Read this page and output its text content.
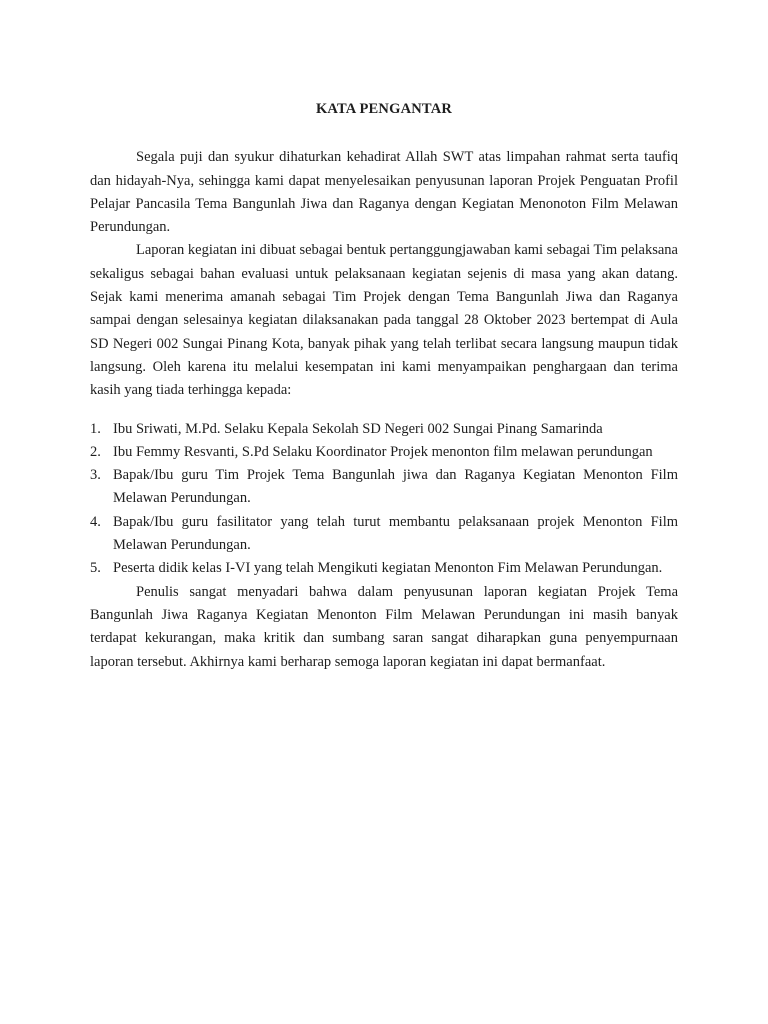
KATA PENGANTAR

Segala puji dan syukur dihaturkan kehadirat Allah SWT atas limpahan rahmat serta taufiq dan hidayah-Nya, sehingga kami dapat menyelesaikan penyusunan laporan Projek Penguatan Profil Pelajar Pancasila Tema Bangunlah Jiwa dan Raganya dengan Kegiatan Menonoton Film Melawan Perundungan.

Laporan kegiatan ini dibuat sebagai bentuk pertanggungjawaban kami sebagai Tim pelaksana sekaligus sebagai bahan evaluasi untuk pelaksanaan kegiatan sejenis di masa yang akan datang. Sejak kami menerima amanah sebagai Tim Projek dengan Tema Bangunlah Jiwa dan Raganya sampai dengan selesainya kegiatan dilaksanakan pada tanggal 28 Oktober 2023 bertempat di Aula SD Negeri 002 Sungai Pinang Kota, banyak pihak yang telah terlibat secara langsung maupun tidak langsung. Oleh karena itu melalui kesempatan ini kami menyampaikan penghargaan dan terima kasih yang tiada terhingga kepada:

1. Ibu Sriwati, M.Pd. Selaku Kepala Sekolah SD Negeri 002 Sungai Pinang Samarinda
2. Ibu Femmy Resvanti, S.Pd Selaku Koordinator Projek menonton film melawan perundungan
3. Bapak/Ibu guru Tim Projek Tema Bangunlah jiwa dan Raganya Kegiatan Menonton Film Melawan Perundungan.
4. Bapak/Ibu guru fasilitator yang telah turut membantu pelaksanaan projek Menonton Film Melawan Perundungan.
5. Peserta didik kelas I-VI yang telah Mengikuti kegiatan Menonton Fim Melawan Perundungan.

Penulis sangat menyadari bahwa dalam penyusunan laporan kegiatan Projek Tema Bangunlah Jiwa Raganya Kegiatan Menonton Film Melawan Perundungan ini masih banyak terdapat kekurangan, maka kritik dan sumbang saran sangat diharapkan guna penyempurnaan laporan tersebut. Akhirnya kami berharap semoga laporan kegiatan ini dapat bermanfaat.
